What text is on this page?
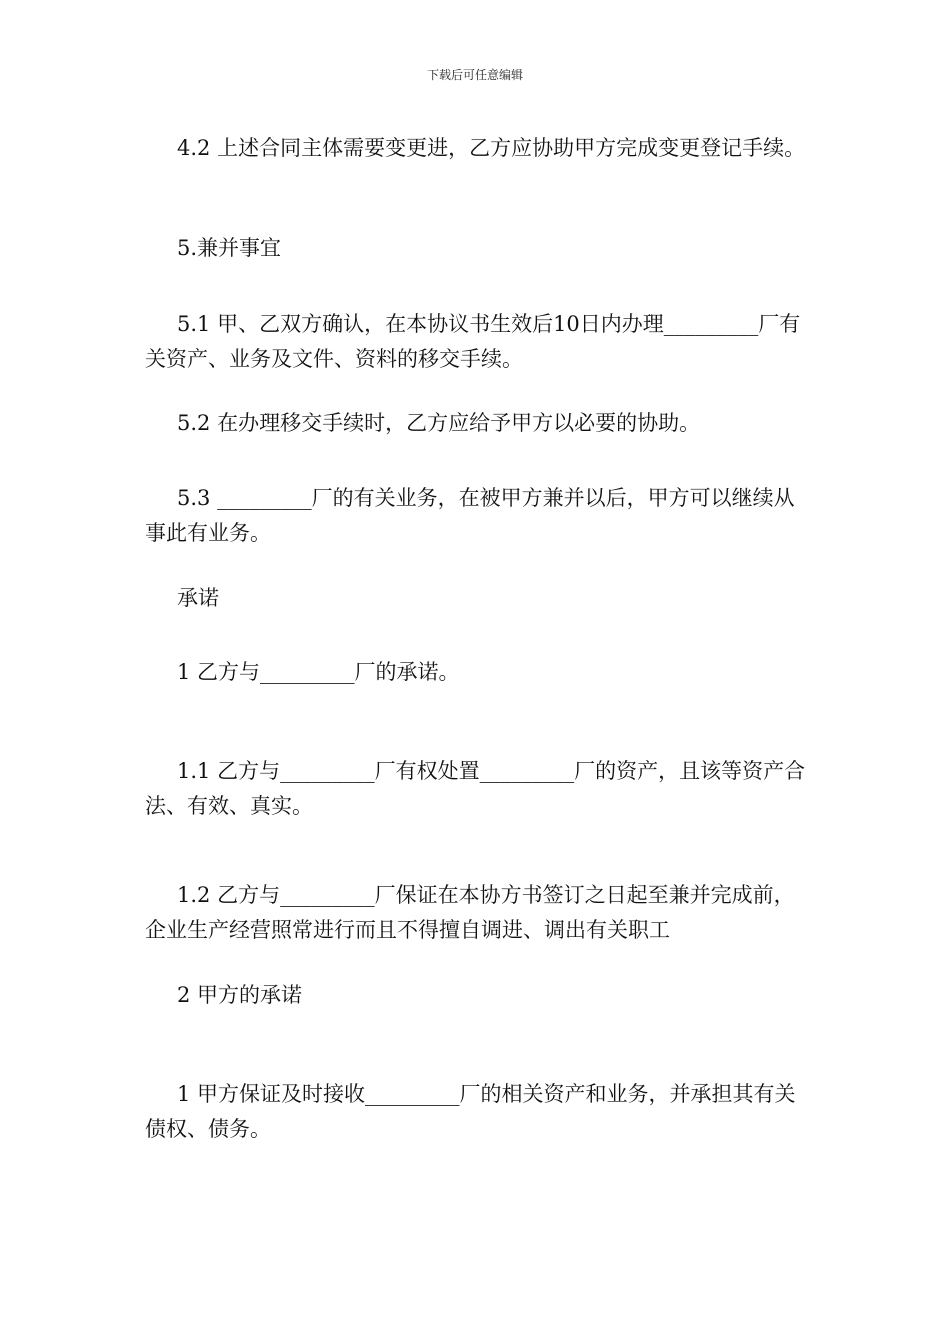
下载后可任意编辑

4.2 上述合同主体需要变更进，乙方应协助甲方完成变更登记手续。

5.兼并事宜

5.1 甲、乙双方确认，在本协议书生效后10日内办理_________厂有关资产、业务及文件、资料的移交手续。

5.2 在办理移交手续时，乙方应给予甲方以必要的协助。

5.3 _________厂的有关业务，在被甲方兼并以后，甲方可以继续从事此有业务。

承诺

1 乙方与_________厂的承诺。

1.1 乙方与_________厂有权处置_________厂的资产，且该等资产合法、有效、真实。

1.2 乙方与_________厂保证在本协方书签订之日起至兼并完成前，企业生产经营照常进行而且不得擅自调进、调出有关职工

2 甲方的承诺

1 甲方保证及时接收_________厂的相关资产和业务，并承担其有关债权、债务。
